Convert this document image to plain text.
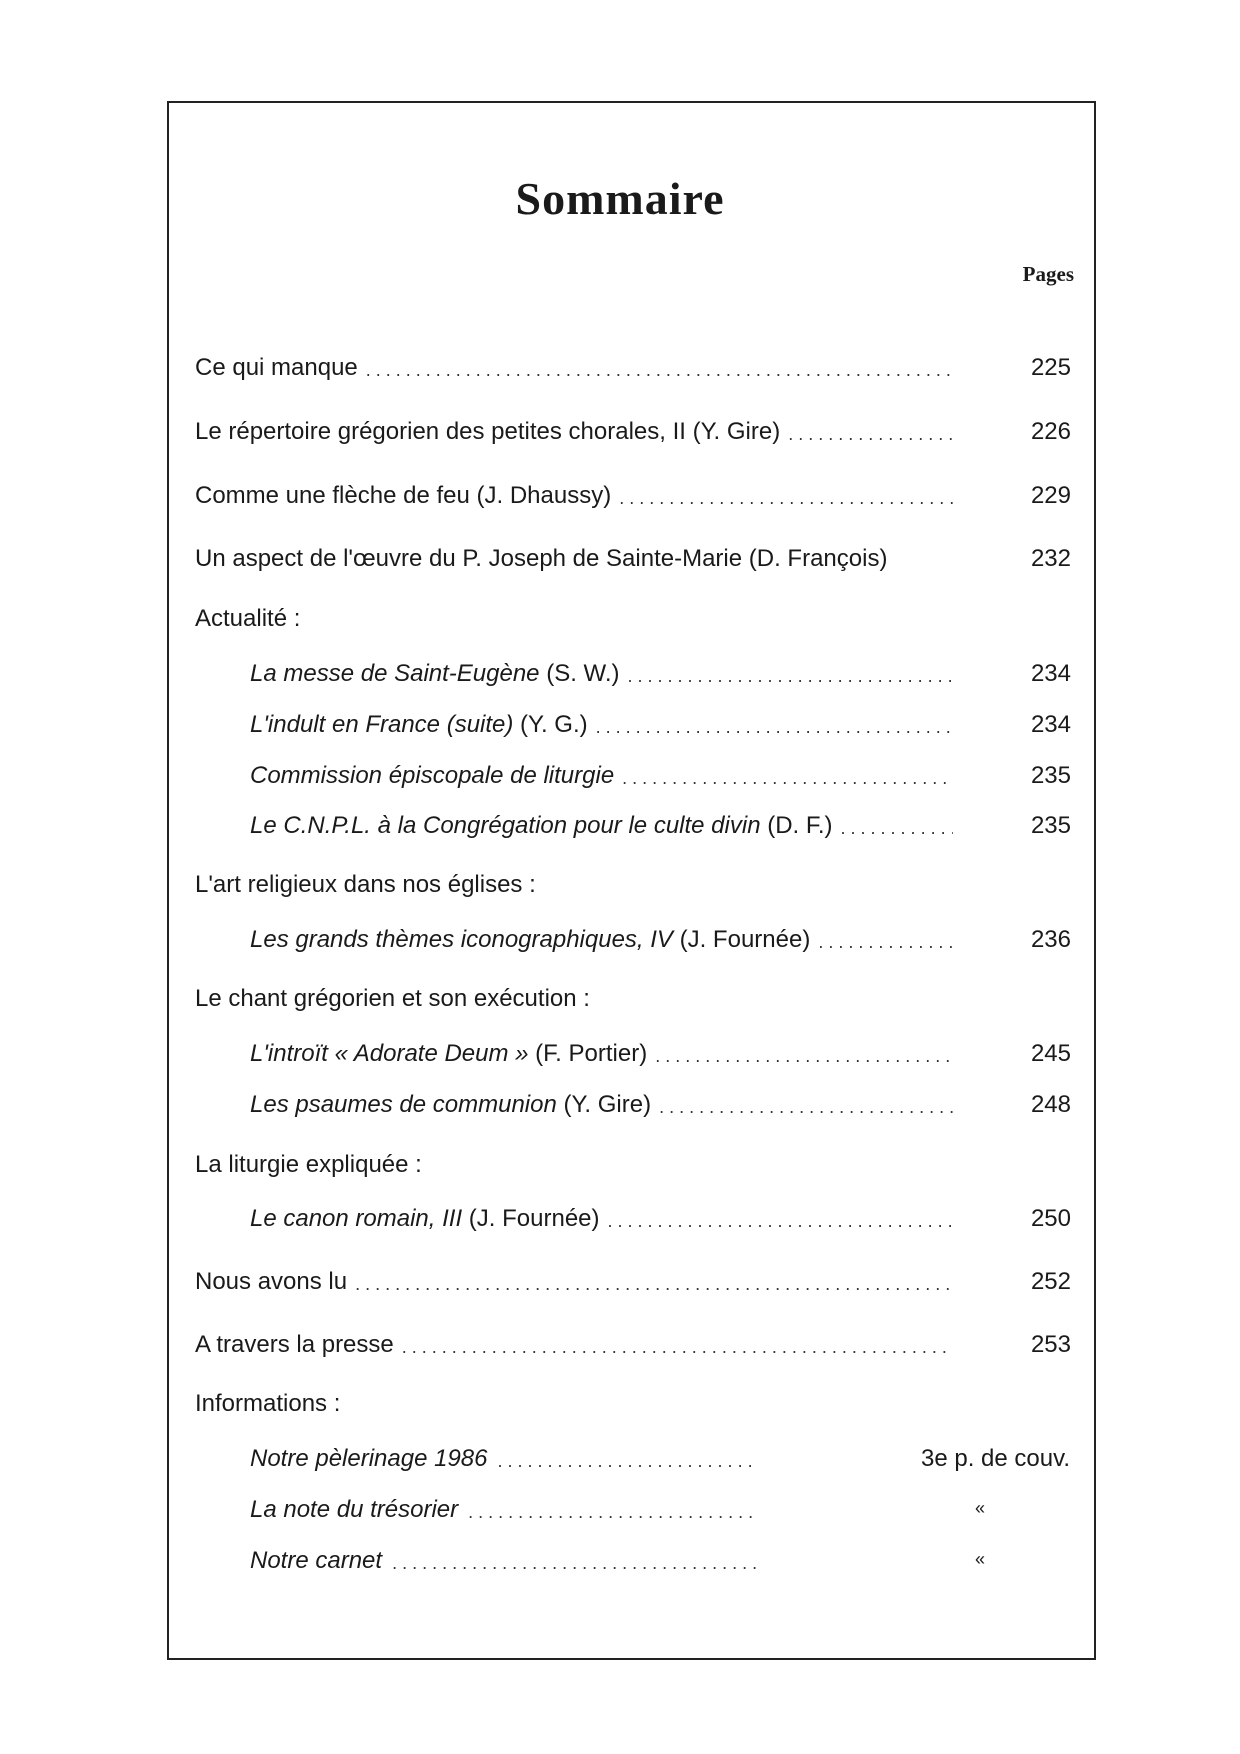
Sommaire
Pages
Ce qui manque . . .	225
Le répertoire grégorien des petites chorales, II (Y. Gire) . . .	226
Comme une flèche de feu (J. Dhaussy) . . .	229
Un aspect de l'œuvre du P. Joseph de Sainte-Marie (D. François)	232
Actualité :
La messe de Saint-Eugène (S. W.) . . .	234
L'indult en France (suite) (Y. G.) . . .	234
Commission épiscopale de liturgie . . .	235
Le C.N.P.L. à la Congrégation pour le culte divin (D. F.) . . .	235
L'art religieux dans nos églises :
Les grands thèmes iconographiques, IV (J. Fournée) . . .	236
Le chant grégorien et son exécution :
L'introït « Adorate Deum » (F. Portier) . . .	245
Les psaumes de communion (Y. Gire) . . .	248
La liturgie expliquée :
Le canon romain, III (J. Fournée) . . .	250
Nous avons lu . . .	252
A travers la presse . . .	253
Informations :
Notre pèlerinage 1986 . . .	3e p. de couv.
La note du trésorier . . .	«
Notre carnet . . .	«
